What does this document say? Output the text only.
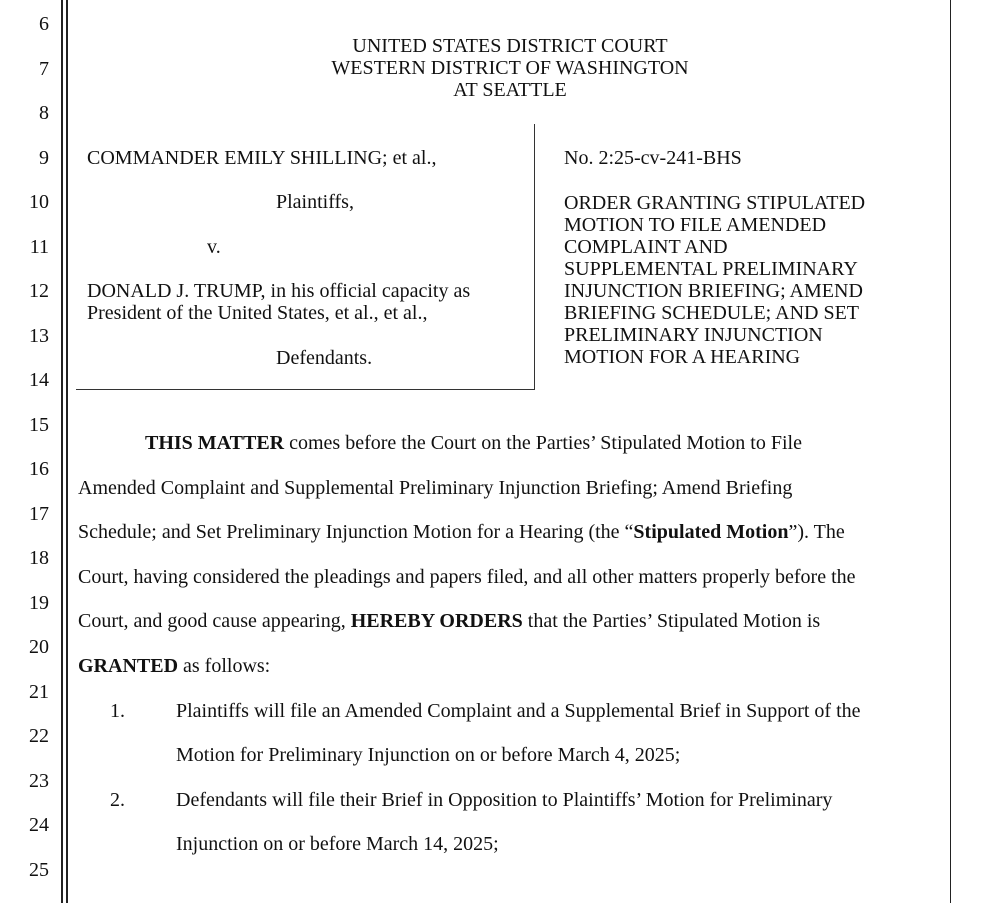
6
7
8
9
10
11
12
13
14
15
16
17
18
19
20
21
22
23
24
25
UNITED STATES DISTRICT COURT
WESTERN DISTRICT OF WASHINGTON
AT SEATTLE
COMMANDER EMILY SHILLING; et al.,
Plaintiffs,
v.
DONALD J. TRUMP, in his official capacity as
President of the United States, et al., et al.,
Defendants.
No. 2:25-cv-241-BHS
ORDER GRANTING STIPULATED
MOTION TO FILE AMENDED
COMPLAINT AND
SUPPLEMENTAL PRELIMINARY
INJUNCTION BRIEFING; AMEND
BRIEFING SCHEDULE; AND SET
PRELIMINARY INJUNCTION
MOTION FOR A HEARING
THIS MATTER comes before the Court on the Parties’ Stipulated Motion to File
Amended Complaint and Supplemental Preliminary Injunction Briefing; Amend Briefing
Schedule; and Set Preliminary Injunction Motion for a Hearing (the “Stipulated Motion”). The
Court, having considered the pleadings and papers filed, and all other matters properly before the
Court, and good cause appearing, HEREBY ORDERS that the Parties’ Stipulated Motion is
GRANTED as follows:
1.	Plaintiffs will file an Amended Complaint and a Supplemental Brief in Support of the
Motion for Preliminary Injunction on or before March 4, 2025;
2.	Defendants will file their Brief in Opposition to Plaintiffs’ Motion for Preliminary
Injunction on or before March 14, 2025;
